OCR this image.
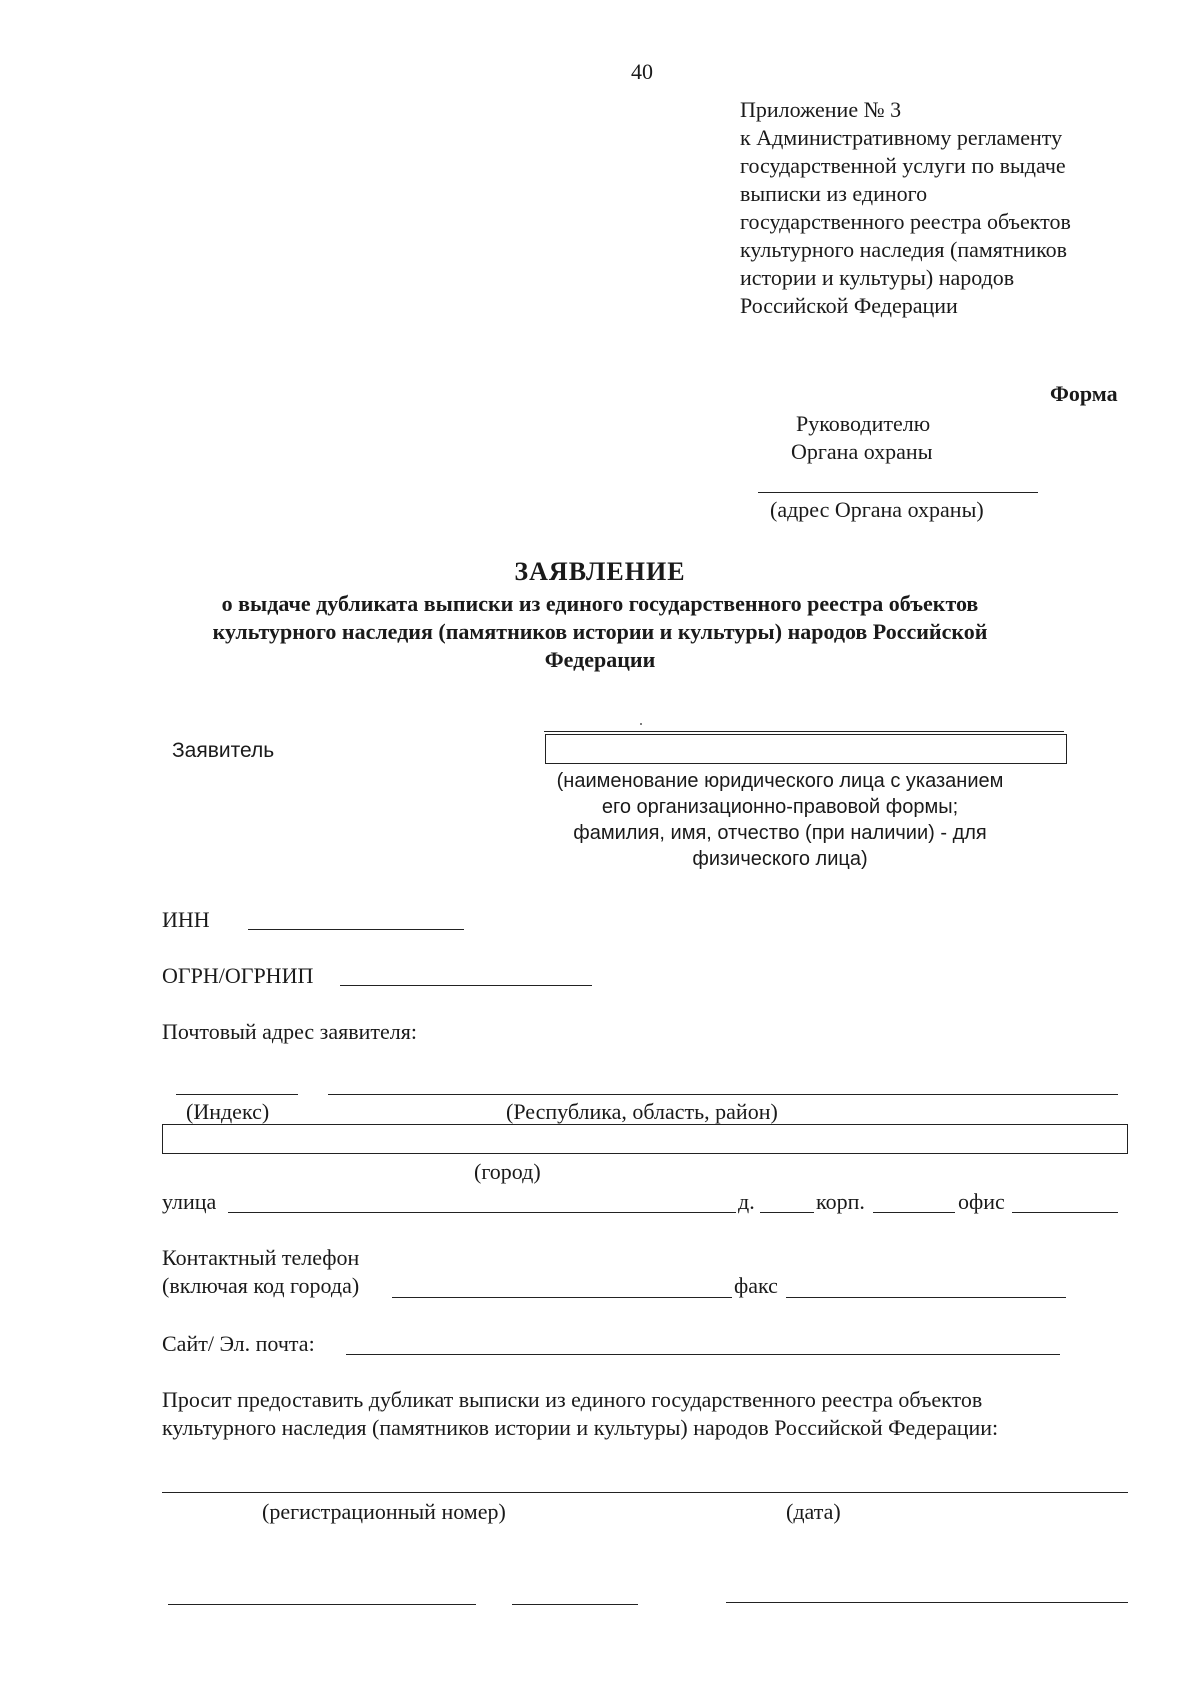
40
Приложение № 3
к Административному регламенту
государственной услуги по выдаче
выписки из единого
государственного реестра объектов
культурного наследия (памятников
истории и культуры) народов
Российской Федерации
Форма
Руководителю
Органа охраны
(адрес Органа охраны)
ЗАЯВЛЕНИЕ
о выдаче дубликата выписки из единого государственного реестра объектов
культурного наследия (памятников истории и культуры) народов Российской
Федерации
Заявитель
(наименование юридического лица с указанием
его организационно-правовой формы;
фамилия, имя, отчество (при наличии) - для
физического лица)
ИНН
ОГРН/ОГРНИП
Почтовый адрес заявителя:
(Индекс)	(Республика, область, район)
(город)
улица	д.	корп.	офис
Контактный телефон
(включая код города)	факс
Сайт/ Эл. почта:
Просит предоставить дубликат выписки из единого государственного реестра объектов
культурного наследия (памятников истории и культуры) народов Российской Федерации:
(регистрационный номер)	(дата)
